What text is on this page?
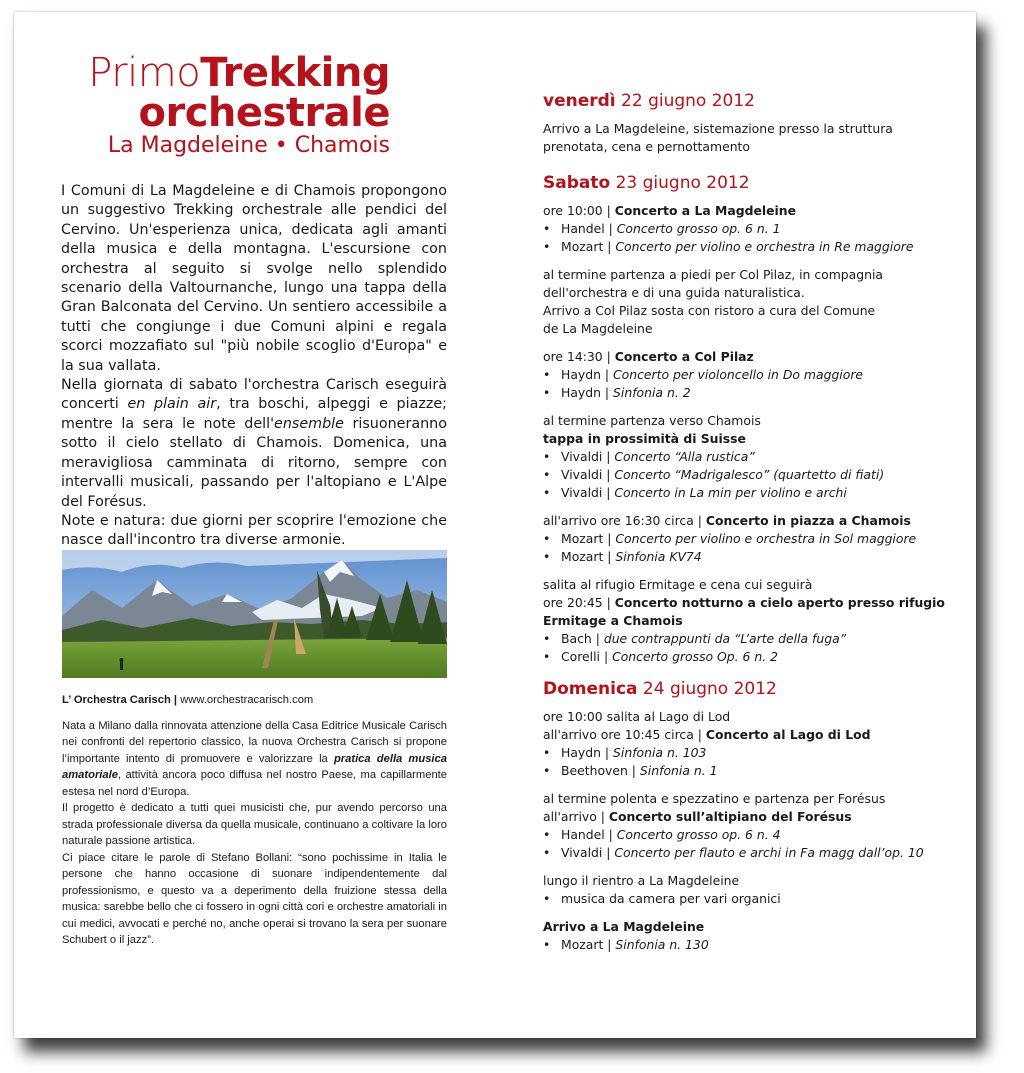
PrimoTrekking
orchestrale
La Magdeleine • Chamois

I Comuni di La Magdeleine e di Chamois propongono un suggestivo Trekking orchestrale alle pendici del Cervino. Un'esperienza unica, dedicata agli amanti della musica e della montagna. L'escursione con orchestra al seguito si svolge nello splendido scenario della Valtournanche, lungo una tappa della Gran Balconata del Cervino. Un sentiero accessibile a tutti che congiunge i due Comuni alpini e regala scorci mozzafiato sul "più nobile scoglio d'Europa" e la sua vallata.

Nella giornata di sabato l'orchestra Carisch eseguirà concerti en plain air, tra boschi, alpeggi e piazze; mentre la sera le note dell'ensemble risuoneranno sotto il cielo stellato di Chamois. Domenica, una meravigliosa camminata di ritorno, sempre con intervalli musicali, passando per l'altopiano e L'Alpe del Forésus.

Note e natura: due giorni per scoprire l'emozione che nasce dall'incontro tra diverse armonie.

L’ Orchestra Carisch | www.orchestracarisch.com

Nata a Milano dalla rinnovata attenzione della Casa Editrice Musicale Carisch nei confronti del repertorio classico, la nuova Orchestra Carisch si propone l’importante intento di promuovere e valorizzare la pratica della musica amatoriale, attività ancora poco diffusa nel nostro Paese, ma capillarmente estesa nel nord d’Europa.

Il progetto è dedicato a tutti quei musicisti che, pur avendo percorso una strada professionale diversa da quella musicale, continuano a coltivare la loro naturale passione artistica.

Ci piace citare le parole di Stefano Bollani: “sono pochissime in Italia le persone che hanno occasione di suonare indipendentemente dal professionismo, e questo va a deperimento della fruizione stessa della musica: sarebbe bello che ci fossero in ogni città cori e orchestre amatoriali in cui medici, avvocati e perché no, anche operai si trovano la sera per suonare Schubert o il jazz”.

venerdì 22 giugno 2012
Arrivo a La Magdeleine, sistemazione presso la struttura
prenotata, cena e pernottamento
Sabato 23 giugno 2012
ore 10:00 | Concerto a La Magdeleine
• Handel | Concerto grosso op. 6 n. 1
• Mozart | Concerto per violino e orchestra in Re maggiore
al termine partenza a piedi per Col Pilaz, in compagnia
dell'orchestra e di una guida naturalistica.
Arrivo a Col Pilaz sosta con ristoro a cura del Comune
de La Magdeleine
ore 14:30 | Concerto a Col Pilaz
• Haydn | Concerto per violoncello in Do maggiore
• Haydn | Sinfonia n. 2
al termine partenza verso Chamois
tappa in prossimità di Suisse
• Vivaldi | Concerto “Alla rustica”
• Vivaldi | Concerto “Madrigalesco” (quartetto di fiati)
• Vivaldi | Concerto in La min per violino e archi
all'arrivo ore 16:30 circa | Concerto in piazza a Chamois
• Mozart | Concerto per violino e orchestra in Sol maggiore
• Mozart | Sinfonia KV74
salita al rifugio Ermitage e cena cui seguirà
ore 20:45 | Concerto notturno a cielo aperto presso rifugio
Ermitage a Chamois
• Bach | due contrappunti da “L’arte della fuga”
• Corelli | Concerto grosso Op. 6 n. 2
Domenica 24 giugno 2012
ore 10:00 salita al Lago di Lod
all'arrivo ore 10:45 circa | Concerto al Lago di Lod
• Haydn | Sinfonia n. 103
• Beethoven | Sinfonia n. 1
al termine polenta e spezzatino e partenza per Forésus
all'arrivo | Concerto sull’altipiano del Forésus
• Handel | Concerto grosso op. 6 n. 4
• Vivaldi | Concerto per flauto e archi in Fa magg dall’op. 10
lungo il rientro a La Magdeleine
• musica da camera per vari organici
Arrivo a La Magdeleine
• Mozart | Sinfonia n. 130
